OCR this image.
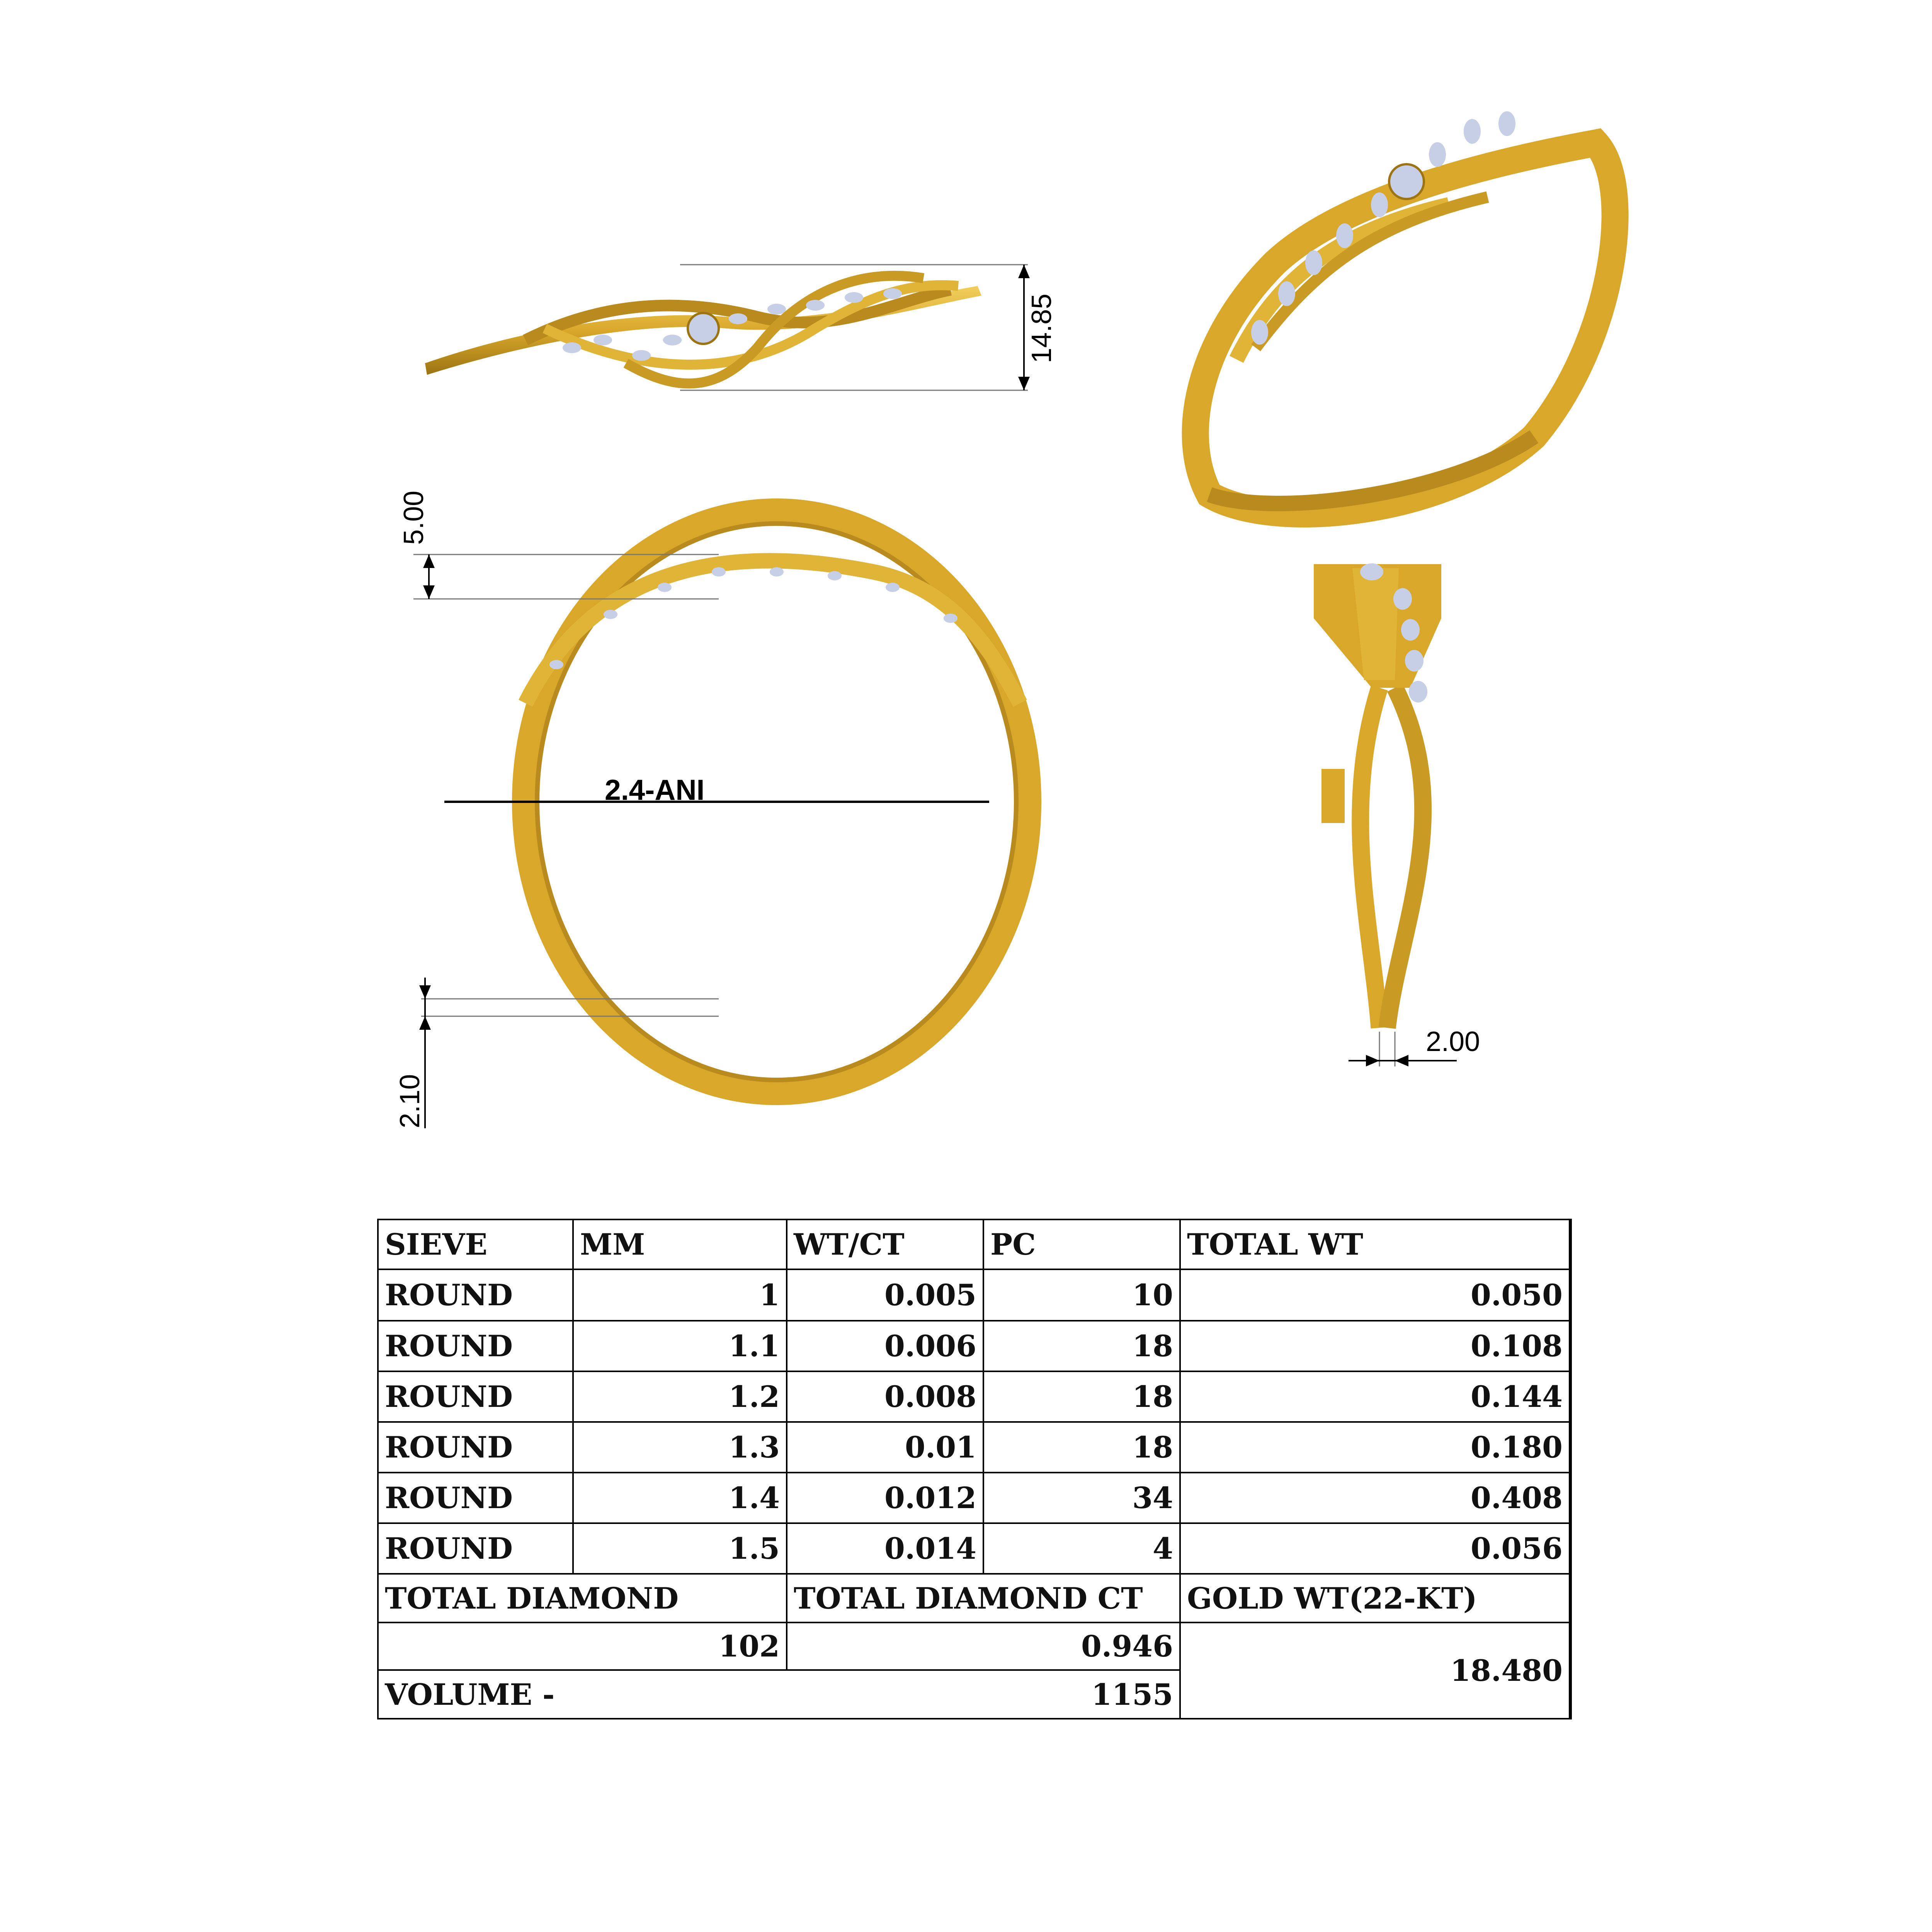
14.85
5.00
2.4-ANI
2.10
2.00
SIEVE	MM	WT/CT	PC	TOTAL WT
ROUND	1	0.005	10	0.050
ROUND	1.1	0.006	18	0.108
ROUND	1.2	0.008	18	0.144
ROUND	1.3	0.01	18	0.180
ROUND	1.4	0.012	34	0.408
ROUND	1.5	0.014	4	0.056
TOTAL DIAMOND	TOTAL DIAMOND CT	GOLD WT(22-KT)
102	0.946
18.480
VOLUME -	1155
